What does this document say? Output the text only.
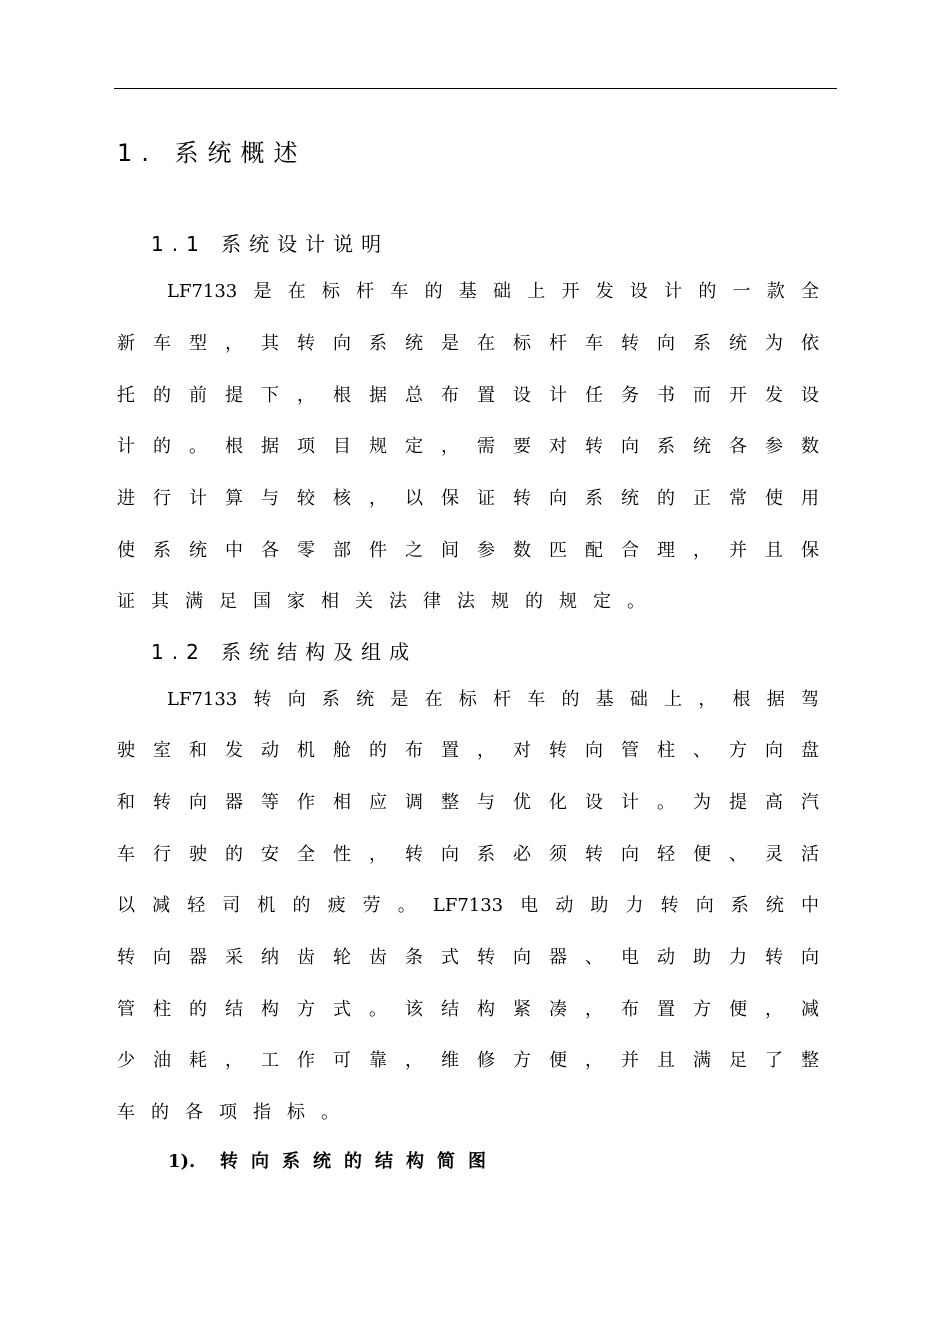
1. 系统概述
1.1 系统设计说明
LF7133是在标杆车的基础上开发设计的一款全
新车型，其转向系统是在标杆车转向系统为依
托的前提下，根据总布置设计任务书而开发设
计的。根据项目规定，需要对转向系统各参数
进行计算与较核，以保证转向系统的正常使用
使系统中各零部件之间参数匹配合理，并且保
证其满足国家相关法律法规的规定。
1.2 系统结构及组成
LF7133转向系统是在标杆车的基础上，根据驾
驶室和发动机舱的布置，对转向管柱、方向盘
和转向器等作相应调整与优化设计。为提高汽
车行驶的安全性，转向系必须转向轻便、灵活
以减轻司机的疲劳。LF7133电动助力转向系统中
转向器采纳齿轮齿条式转向器、电动助力转向
管柱的结构方式。该结构紧凑，布置方便，减
少油耗，工作可靠，维修方便，并且满足了整
车的各项指标。
1). 转向系统的结构简图
